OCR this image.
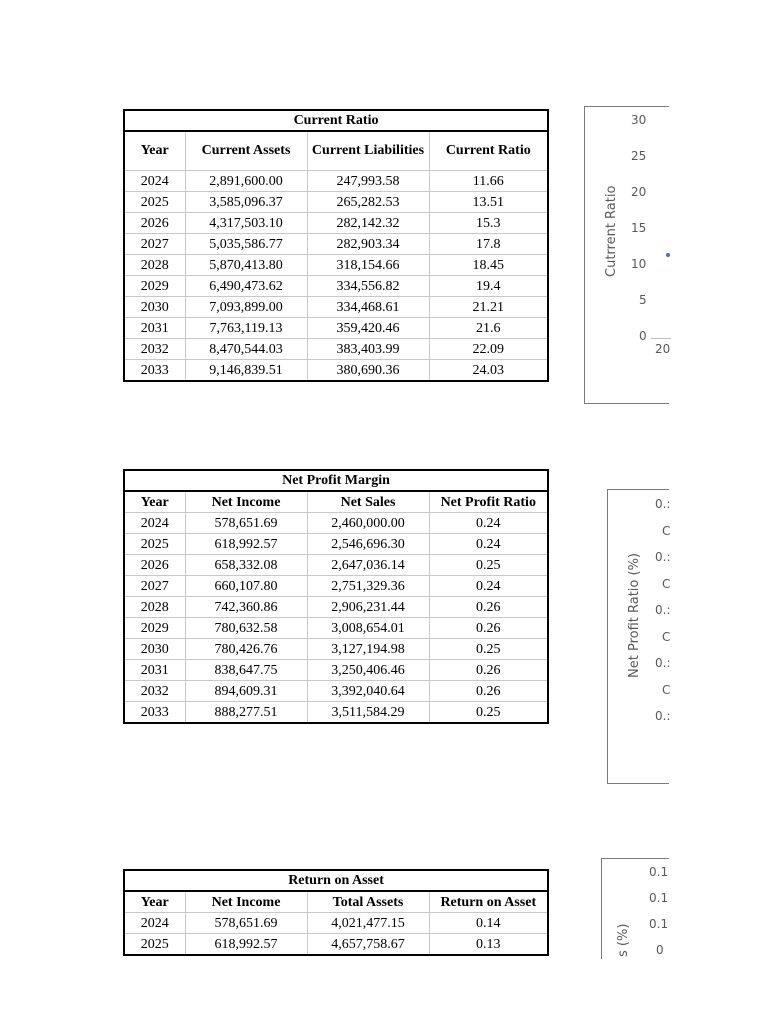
Current Ratio			
Year	Current Assets	Current Liabilities	Current Ratio
2024	2,891,600.00	247,993.58	11.66
2025	3,585,096.37	265,282.53	13.51
2026	4,317,503.10	282,142.32	15.3
2027	5,035,586.77	282,903.34	17.8
2028	5,870,413.80	318,154.66	18.45
2029	6,490,473.62	334,556.82	19.4
2030	7,093,899.00	334,468.61	21.21
2031	7,763,119.13	359,420.46	21.6
2032	8,470,544.03	383,403.99	22.09
2033	9,146,839.51	380,690.36	24.03
Net Profit Margin			
Year	Net Income	Net Sales	Net Profit Ratio
2024	578,651.69	2,460,000.00	0.24
2025	618,992.57	2,546,696.30	0.24
2026	658,332.08	2,647,036.14	0.25
2027	660,107.80	2,751,329.36	0.24
2028	742,360.86	2,906,231.44	0.26
2029	780,632.58	3,008,654.01	0.26
2030	780,426.76	3,127,194.98	0.25
2031	838,647.75	3,250,406.46	0.26
2032	894,609.31	3,392,040.64	0.26
2033	888,277.51	3,511,584.29	0.25
Return on Asset			
Year	Net Income	Total Assets	Return on Asset
2024	578,651.69	4,021,477.15	0.14
2025	618,992.57	4,657,758.67	0.13
Cutrrent Ratio
30
25
20
15
10
5
0
20
Net Profit Ratio (%)
0.:
C
0.:
C
0.:
C
0.:
C
0.:
s (%)
0.1
0.1
0.1
0
